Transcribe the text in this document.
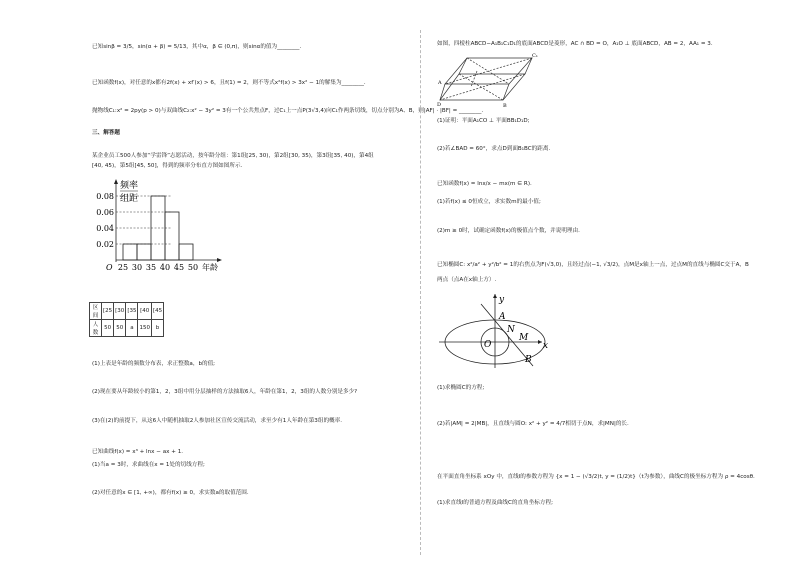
已知sinβ = 3/5，sin(α + β) = 5/13，其中α，β ∈ (0,π)，则sinα的值为________.
已知函数f(x)，对任意的x都有2f(x) + xf′(x) > 6，且f(1) = 2，则不等式x²f(x) > 3x² − 1的解集为________.
抛物线C₁:x² = 2py(p > 0)与双曲线C₂:x² − 3y² = 3有一个公共焦点F，过C₁上一点P(3√3,4)向C₁作两条切线，切点分别为A、B，则|AF| · |BF| = ________.
三、解答题
某企业员工500人参加“学雷锋”志愿活动，按年龄分组：第1组[25, 30)，第2组[30, 35)，第3组[35, 40)，第4组
[40, 45)，第5组[45, 50]，得到的频率分布直方图如图所示.
频率
组距
0.02
0.04
0.06
0.08
25 30 35 40 45 50
O	年龄
区间	[25	[30	[35	[40	[45
人数	50	50	a	150	b
(1)上表是年龄的频数分布表，求正整数a，b的值;
(2)现在要从年龄较小的第1，2，3组中用分层抽样的方法抽取6人，年龄在第1，2，3组的人数分别是多少?
(3)在(2)的前提下，从这6人中随机抽取2人参加社区宣传交流活动，求至少有1人年龄在第3组的概率.
已知曲线f(x) = x³ + lnx − ax + 1.
(1)当a = 3时，求曲线在x = 1处的切线方程;
(2)对任意的x ∈ [1, +∞)，都有f(x) ≥ 0，求实数a的取值范围.
如图，四棱柱ABCD−A₁B₁C₁D₁的底面ABCD是菱形，AC ∩ BD = O，A₁O ⊥ 底面ABCD，AB = 2，AA₁ = 3.
C₁
D
A
B
(1)证明：平面A₁CO ⊥ 平面BB₁D₁D;
(2)若∠BAD = 60°，求点D到面B₁BC的距离.
已知函数f(x) = lnx/x − mx(m ∈ R).
(1)若f(x) ≤ 0恒成立，求实数m的最小值;
(2)m ≥ 0时，试确定函数f(x)的极值点个数，并说明理由.
已知椭圆C: x²/a² + y²/b² = 1的右焦点为F(√3,0)，且经过点(−1, √3/2)，点M是x轴上一点，过点M的直线与椭圆C交于A，B
两点（点A在x轴上方）.
y
x
O
A
N
M
B
(1)求椭圆C的方程;
(2)若|AM| = 2|MB|，且直线与圆O: x² + y² = 4/7相切于点N，求|MN|的长.
在平面直角坐标系 xOy 中，直线l的参数方程为 {x = 1 − (√3/2)t, y = (1/2)t}（t为参数），曲线C的极坐标方程为 ρ = 4cosθ.
(1)求直线l的普通方程及曲线C的直角坐标方程;
